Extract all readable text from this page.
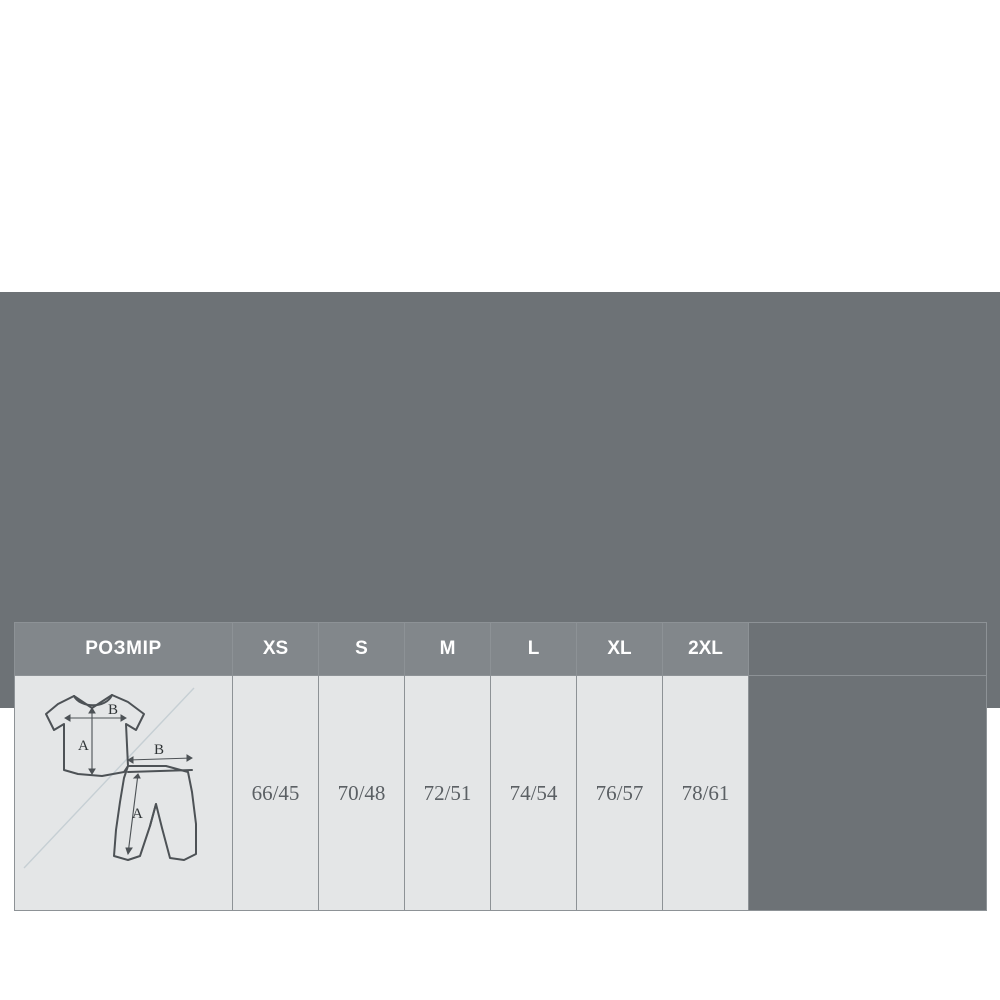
РОЗМІР	XS	S	M	L	XL	2XL	

A
B
B
A	66/45	70/48	72/51	74/54	76/57	78/61	
Для текстилю допустиме коливання ±5% від технічних параметрів
